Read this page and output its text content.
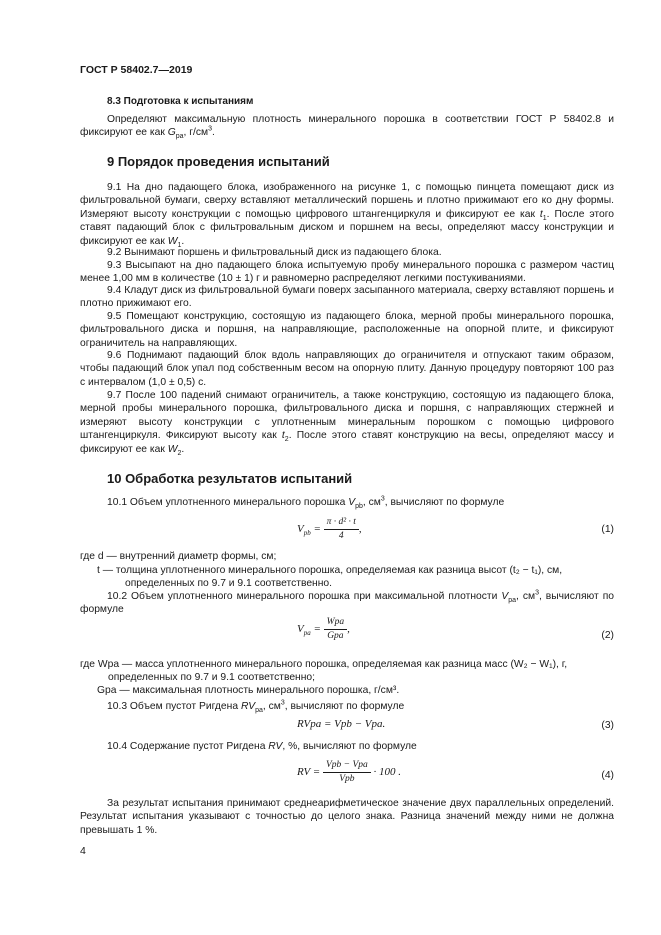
ГОСТ Р 58402.7—2019
8.3 Подготовка к испытаниям
Определяют максимальную плотность минерального порошка в соответствии ГОСТ Р 58402.8 и фиксируют ее как $G_{pa}$, $г/см^3$.
9 Порядок проведения испытаний
9.1 На дно падающего блока, изображенного на рисунке 1, с помощью пинцета помещают диск из фильтровальной бумаги, сверху вставляют металлический поршень и плотно прижимают его ко дну формы. Измеряют высоту конструкции с помощью цифрового штангенциркуля и фиксируют ее как $t_1$. После этого ставят падающий блок с фильтровальным диском и поршнем на весы, определяют массу конструкции и фиксируют ее как $W_1$.
9.2 Вынимают поршень и фильтровальный диск из падающего блока.
9.3 Высыпают на дно падающего блока испытуемую пробу минерального порошка с размером частиц менее 1,00 мм в количестве (10 ± 1) г и равномерно распределяют легкими постукиваниями.
9.4 Кладут диск из фильтровальной бумаги поверх засыпанного материала, сверху вставляют поршень и плотно прижимают его.
9.5 Помещают конструкцию, состоящую из падающего блока, мерной пробы минерального порошка, фильтровального диска и поршня, на направляющие, расположенные на опорной плите, и фиксируют ограничитель на направляющих.
9.6 Поднимают падающий блок вдоль направляющих до ограничителя и отпускают таким образом, чтобы падающий блок упал под собственным весом на опорную плиту. Данную процедуру повторяют 100 раз с интервалом (1,0 ± 0,5) с.
9.7 После 100 падений снимают ограничитель, а также конструкцию, состоящую из падающего блока, мерной пробы минерального порошка, фильтровального диска и поршня, с направляющих стержней и измеряют высоту конструкции с уплотненным минеральным порошком с помощью цифрового штангенциркуля. Фиксируют высоту как $t_2$. После этого ставят конструкцию на весы, определяют массу и фиксируют ее как $W_2$.
10 Обработка результатов испытаний
10.1 Объем уплотненного минерального порошка $V_{pb}$, $см^3$, вычисляют по формуле
$V_{pb} = \frac{\text{π · d² · t}}{4}$ ,	(1)
где d — внутренний диаметр формы, см;
t — толщина уплотненного минерального порошка, определяемая как разница высот (t₂ − t₁), см, определенных по 9.7 и 9.1 соответственно.
10.2 Объем уплотненного минерального порошка при максимальной плотности $V_{pa}$, $см^3$, вычисляют по формуле
$V_{pa} = \frac{\text{Wpa}}{\text{Gpa}}$ ,
(2)
где Wpa — масса уплотненного минерального порошка, определяемая как разница масс (W₂ − W₁), г, определенных по 9.7 и 9.1 соответственно;
Gpa — максимальная плотность минерального порошка, г/см³.
10.3 Объем пустот Ригдена $RV_{pa}$, $см^3$, вычисляют по формуле
RVpa = Vpb − Vpa.	(3)
10.4 Содержание пустот Ригдена RV, %, вычисляют по формуле
RV = $\frac{\text{Vpb − Vpa}}{\text{Vpb}} \cdot 100$ .	(4)
За результат испытания принимают среднеарифметическое значение двух параллельных определений. Результат испытания указывают с точностью до целого знака. Разница значений между ними не должна превышать 1 %.
4
